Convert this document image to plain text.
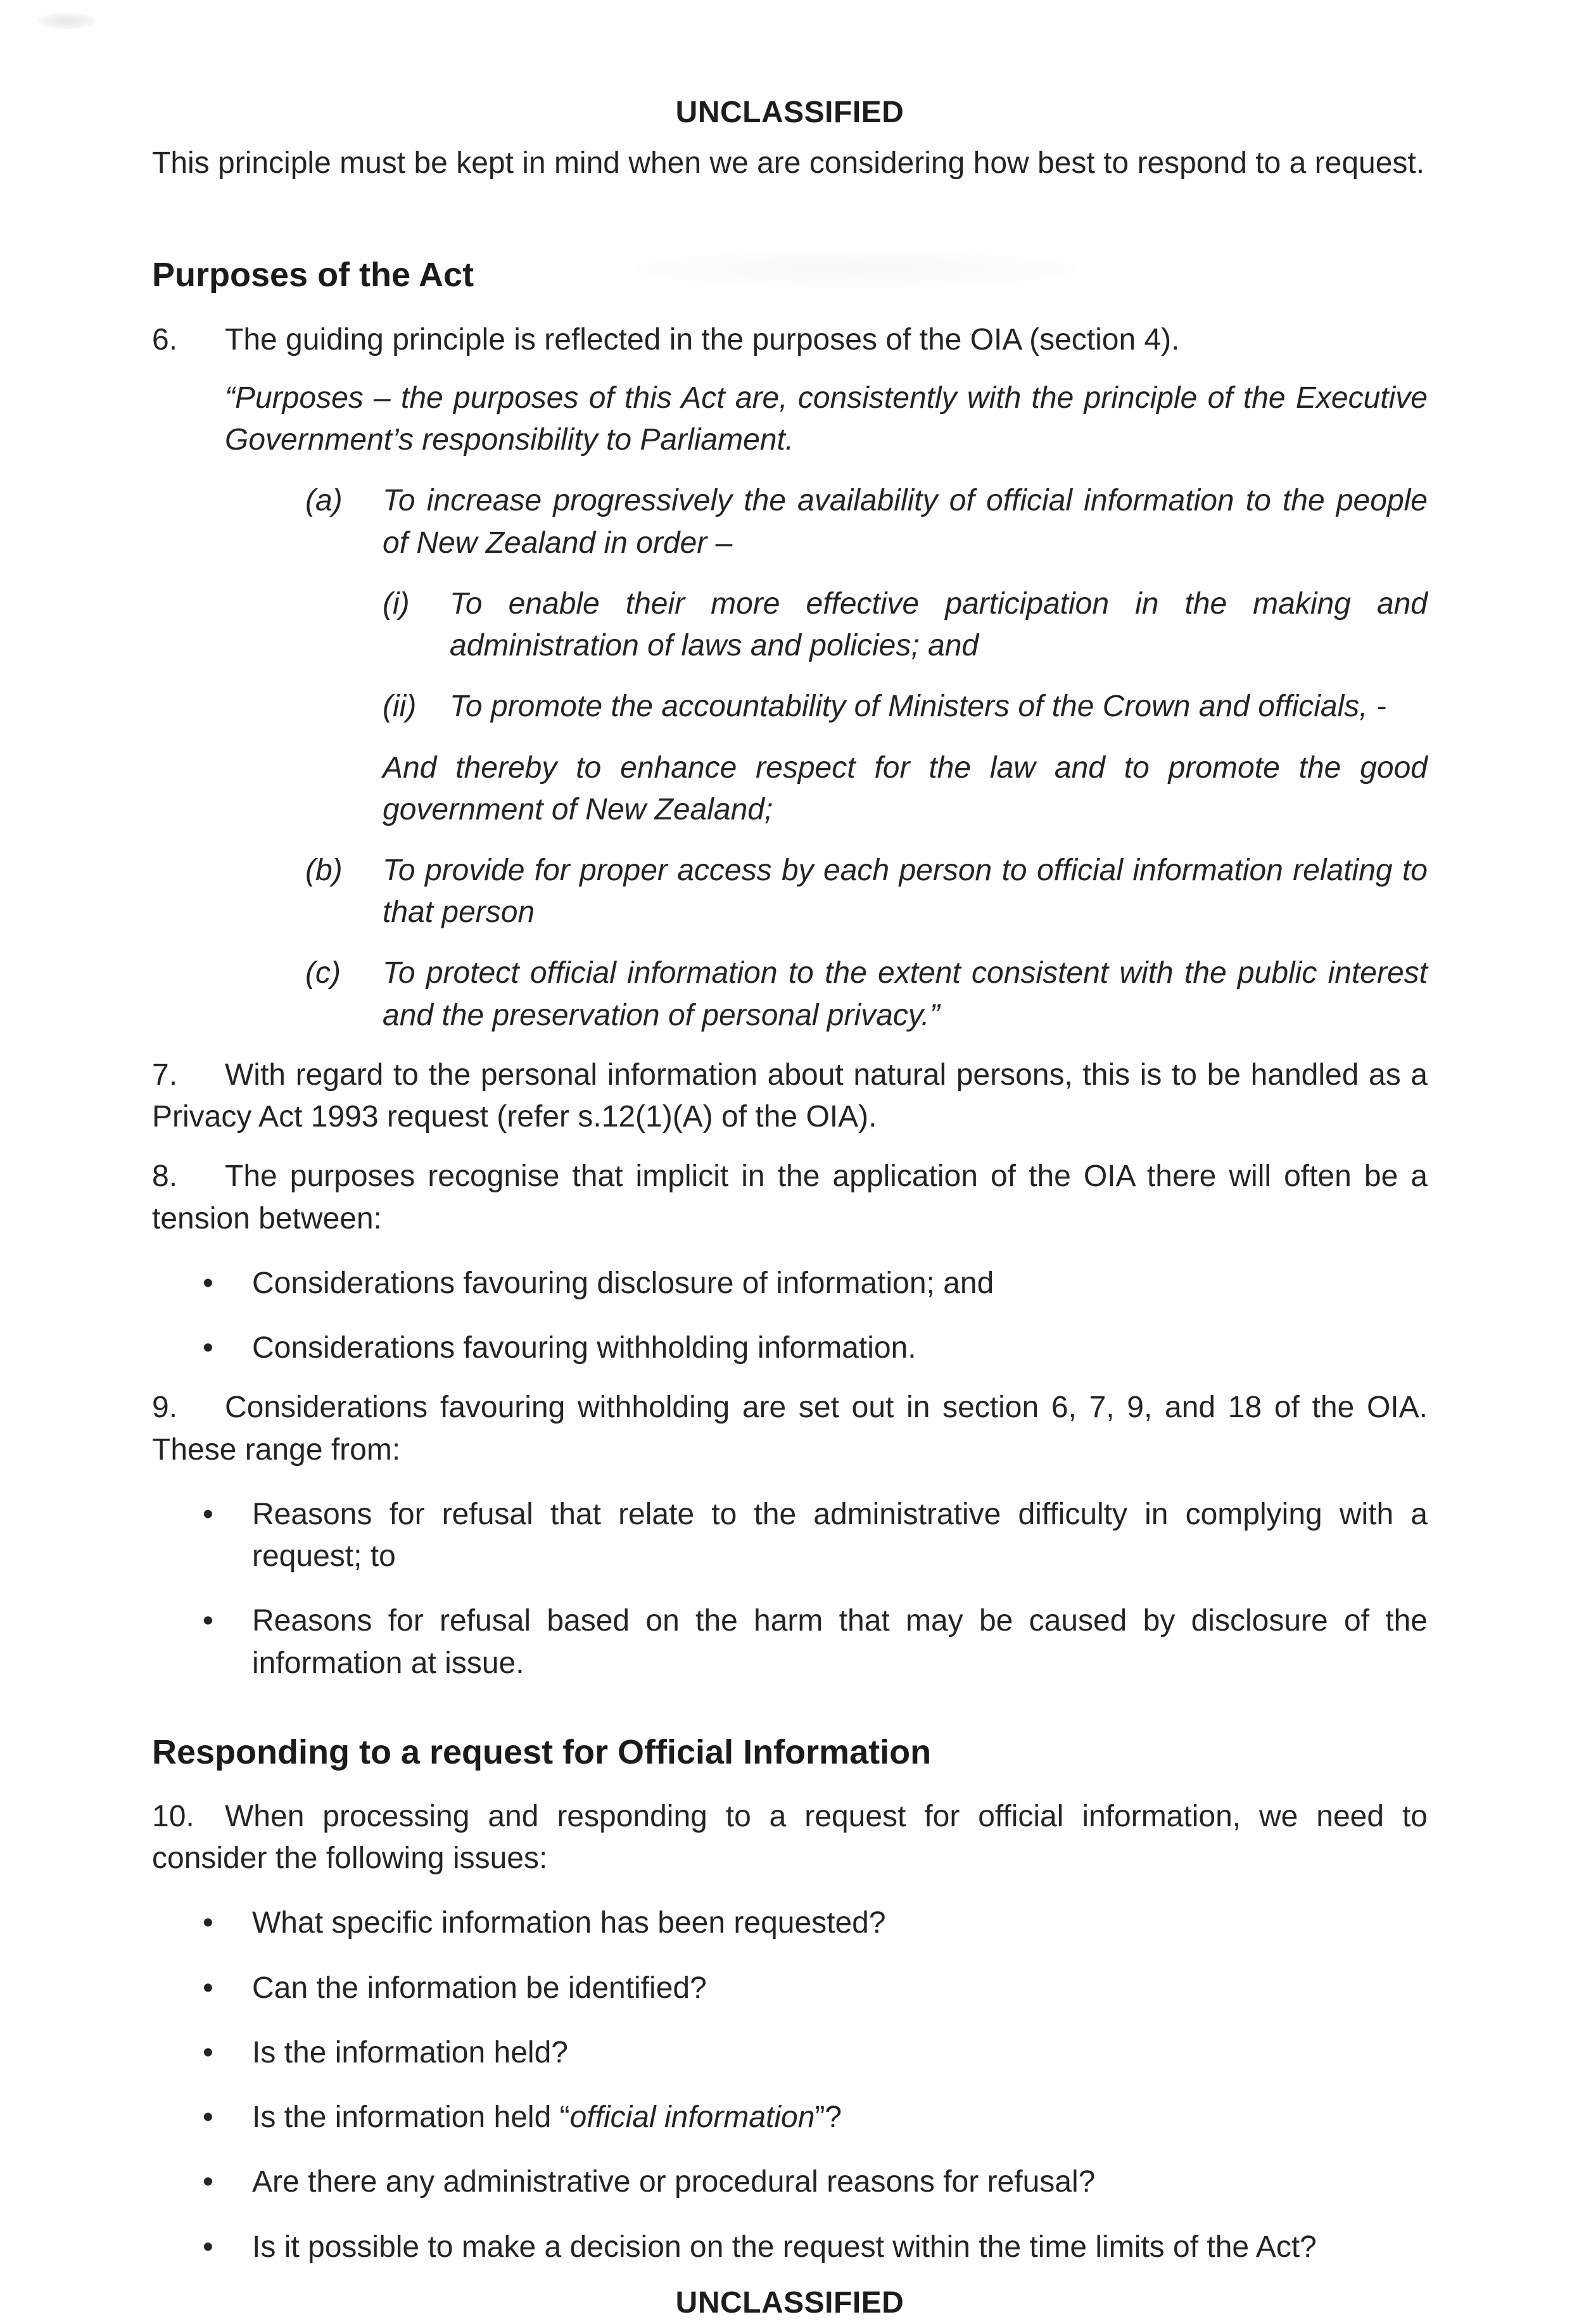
UNCLASSIFIED

This principle must be kept in mind when we are considering how best to respond to a request.

Purposes of the Act

6. The guiding principle is reflected in the purposes of the OIA (section 4).

“Purposes – the purposes of this Act are, consistently with the principle of the Executive Government’s responsibility to Parliament.

(a)	To increase progressively the availability of official information to the people of New Zealand in order –
(i)	To enable their more effective participation in the making and administration of laws and policies; and
(ii)	To promote the accountability of Ministers of the Crown and officials, -

And thereby to enhance respect for the law and to promote the good government of New Zealand;

(b)	To provide for proper access by each person to official information relating to that person
(c)	To protect official information to the extent consistent with the public interest and the preservation of personal privacy.”

7. With regard to the personal information about natural persons, this is to be handled as a Privacy Act 1993 request (refer s.12(1)(A) of the OIA).

8. The purposes recognise that implicit in the application of the OIA there will often be a tension between:

•	Considerations favouring disclosure of information; and
•	Considerations favouring withholding information.

9. Considerations favouring withholding are set out in section 6, 7, 9, and 18 of the OIA. These range from:

•	Reasons for refusal that relate to the administrative difficulty in complying with a request; to
•	Reasons for refusal based on the harm that may be caused by disclosure of the information at issue.
Responding to a request for Official Information

10. When processing and responding to a request for official information, we need to consider the following issues:

•	What specific information has been requested?
•	Can the information be identified?
•	Is the information held?
•	Is the information held “official information”?
•	Are there any administrative or procedural reasons for refusal?
•	Is it possible to make a decision on the request within the time limits of the Act?
UNCLASSIFIED
